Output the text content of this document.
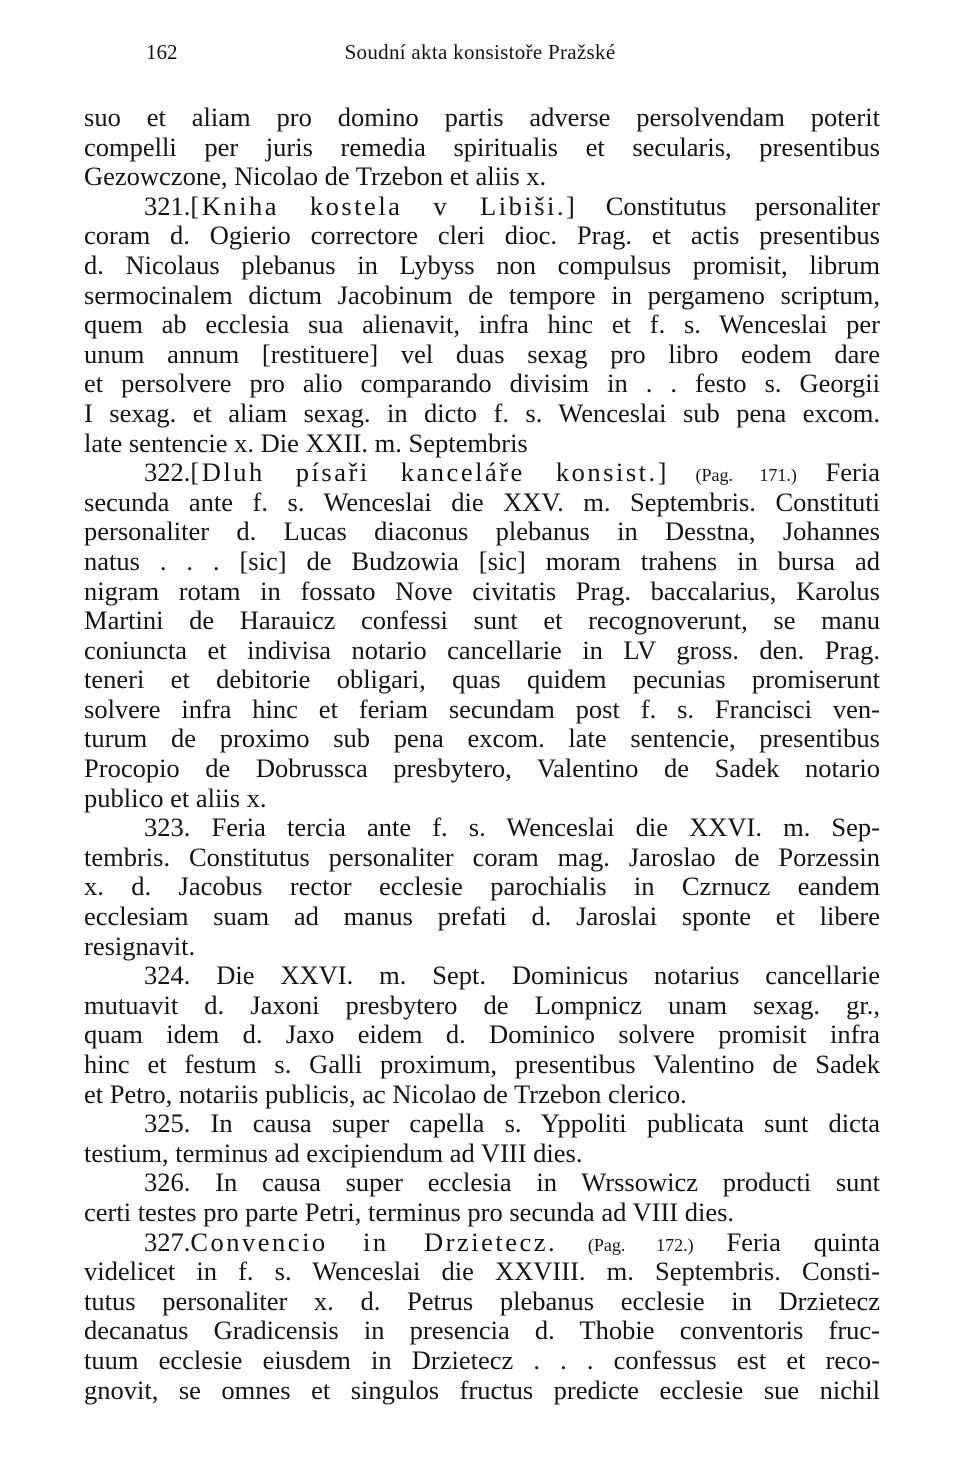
162	Soudní akta konsistoře Pražské
suo et aliam pro domino partis adverse persolvendam poterit
compelli per juris remedia spiritualis et secularis, presentibus
Gezowczone, Nicolao de Trzebon et aliis x.
321.[Kniha kostela v Libiši.] Constitutus personaliter
coram d. Ogierio correctore cleri dioc. Prag. et actis presentibus
d. Nicolaus plebanus in Lybyss non compulsus promisit, librum
sermocinalem dictum Jacobinum de tempore in pergameno scriptum,
quem ab ecclesia sua alienavit, infra hinc et f. s. Wenceslai per
unum annum [restituere] vel duas sexag pro libro eodem dare
et persolvere pro alio comparando divisim in . . festo s. Georgii
I sexag. et aliam sexag. in dicto f. s. Wenceslai sub pena excom.
late sentencie x. Die XXII. m. Septembris
322.[Dluh písaři kanceláře konsist.] (Pag. 171.) Feria
secunda ante f. s. Wenceslai die XXV. m. Septembris. Constituti
personaliter d. Lucas diaconus plebanus in Desstna, Johannes
natus . . . [sic] de Budzowia [sic] moram trahens in bursa ad
nigram rotam in fossato Nove civitatis Prag. baccalarius, Karolus
Martini de Harauicz confessi sunt et recognoverunt, se manu
coniuncta et indivisa notario cancellarie in LV gross. den. Prag.
teneri et debitorie obligari, quas quidem pecunias promiserunt
solvere infra hinc et feriam secundam post f. s. Francisci ven-
turum de proximo sub pena excom. late sentencie, presentibus
Procopio de Dobrussca presbytero, Valentino de Sadek notario
publico et aliis x.
323. Feria tercia ante f. s. Wenceslai die XXVI. m. Sep-
tembris. Constitutus personaliter coram mag. Jaroslao de Porzessin
x. d. Jacobus rector ecclesie parochialis in Czrnucz eandem
ecclesiam suam ad manus prefati d. Jaroslai sponte et libere
resignavit.
324. Die XXVI. m. Sept. Dominicus notarius cancellarie
mutuavit d. Jaxoni presbytero de Lompnicz unam sexag. gr.,
quam idem d. Jaxo eidem d. Dominico solvere promisit infra
hinc et festum s. Galli proximum, presentibus Valentino de Sadek
et Petro, notariis publicis, ac Nicolao de Trzebon clerico.
325. In causa super capella s. Yppoliti publicata sunt dicta
testium, terminus ad excipiendum ad VIII dies.
326. In causa super ecclesia in Wrssowicz producti sunt
certi testes pro parte Petri, terminus pro secunda ad VIII dies.
327.Convencio in Drzietecz. (Pag. 172.) Feria quinta
videlicet in f. s. Wenceslai die XXVIII. m. Septembris. Consti-
tutus personaliter x. d. Petrus plebanus ecclesie in Drzietecz
decanatus Gradicensis in presencia d. Thobie conventoris fruc-
tuum ecclesie eiusdem in Drzietecz . . . confessus est et reco-
gnovit, se omnes et singulos fructus predicte ecclesie sue nichil
